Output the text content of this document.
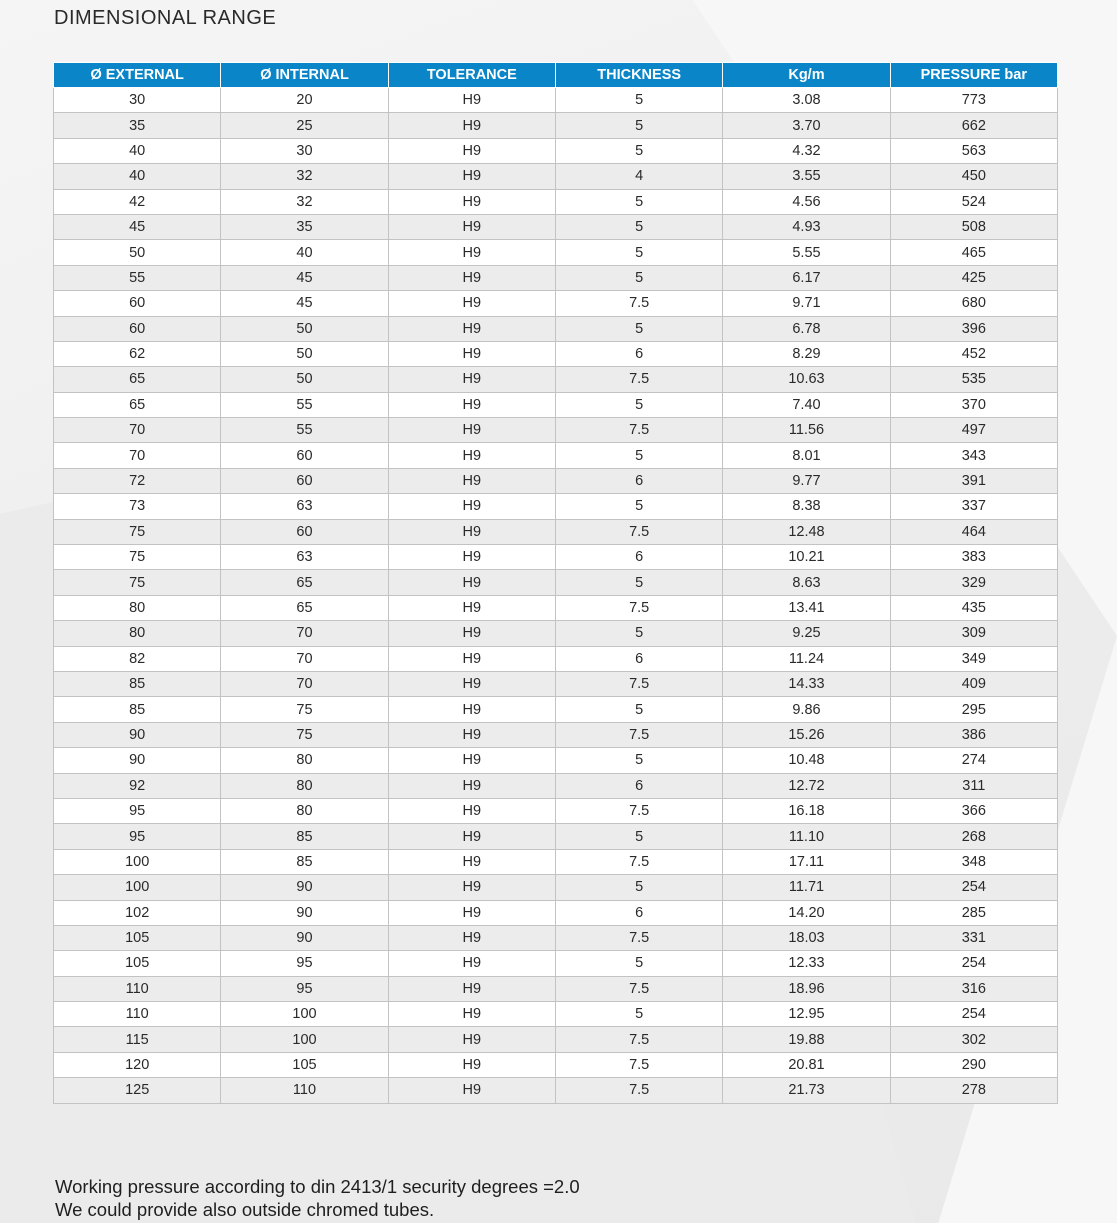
DIMENSIONAL RANGE
Ø EXTERNAL	Ø INTERNAL	TOLERANCE	THICKNESS	Kg/m	PRESSURE bar
30	20	H9	5	3.08	773
35	25	H9	5	3.70	662
40	30	H9	5	4.32	563
40	32	H9	4	3.55	450
42	32	H9	5	4.56	524
45	35	H9	5	4.93	508
50	40	H9	5	5.55	465
55	45	H9	5	6.17	425
60	45	H9	7.5	9.71	680
60	50	H9	5	6.78	396
62	50	H9	6	8.29	452
65	50	H9	7.5	10.63	535
65	55	H9	5	7.40	370
70	55	H9	7.5	11.56	497
70	60	H9	5	8.01	343
72	60	H9	6	9.77	391
73	63	H9	5	8.38	337
75	60	H9	7.5	12.48	464
75	63	H9	6	10.21	383
75	65	H9	5	8.63	329
80	65	H9	7.5	13.41	435
80	70	H9	5	9.25	309
82	70	H9	6	11.24	349
85	70	H9	7.5	14.33	409
85	75	H9	5	9.86	295
90	75	H9	7.5	15.26	386
90	80	H9	5	10.48	274
92	80	H9	6	12.72	311
95	80	H9	7.5	16.18	366
95	85	H9	5	11.10	268
100	85	H9	7.5	17.11	348
100	90	H9	5	11.71	254
102	90	H9	6	14.20	285
105	90	H9	7.5	18.03	331
105	95	H9	5	12.33	254
110	95	H9	7.5	18.96	316
110	100	H9	5	12.95	254
115	100	H9	7.5	19.88	302
120	105	H9	7.5	20.81	290
125	110	H9	7.5	21.73	278
Working pressure according to din 2413/1 security degrees =2.0
We could provide also outside chromed tubes.
